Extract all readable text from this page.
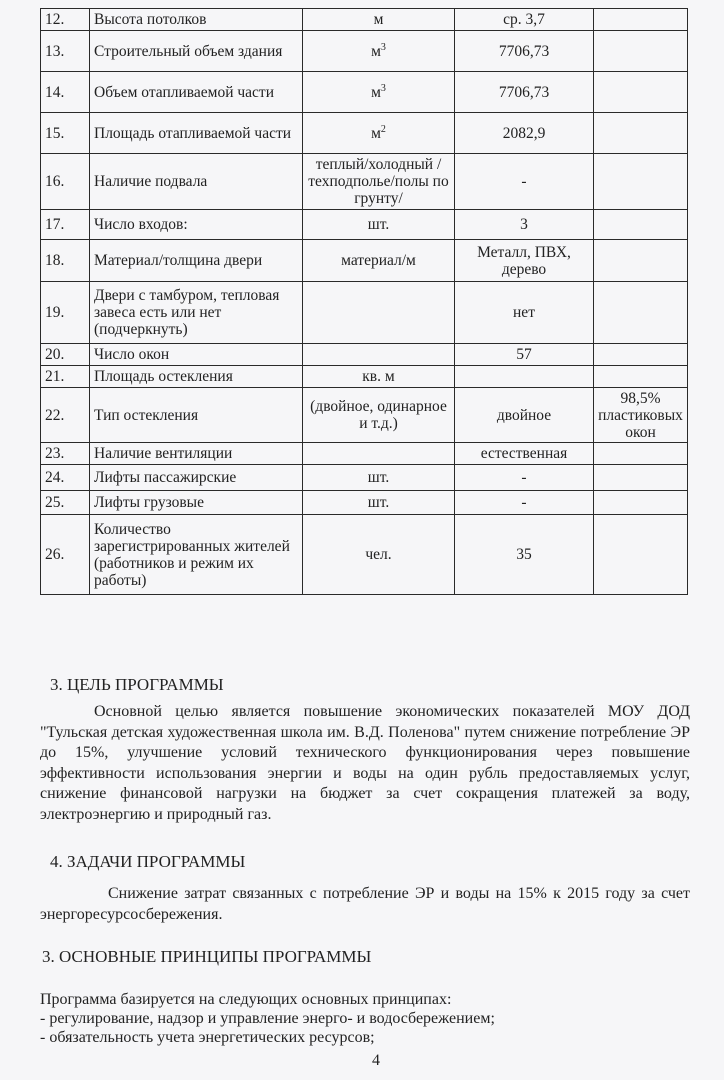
12.	Высота потолков	м	ср. 3,7	
13.	Строительный объем здания	$м^3$	7706,73	
14.	Объем отапливаемой части	$м^3$	7706,73	
15.	Площадь отапливаемой части	$м^2$	2082,9	
16.	Наличие подвала	теплый/холодный /техподполье/полы по грунту/	-	
17.	Число входов:	шт.	3	
18.	Материал/толщина двери	материал/м	Металл, ПВХ, дерево	
19.	Двери с тамбуром, тепловая завеса есть или нет (подчеркнуть)		нет	
20.	Число окон		57	
21.	Площадь остекления	кв. м		
22.	Тип остекления	(двойное, одинарное и т.д.)	двойное	98,5% пластиковых окон
23.	Наличие вентиляции		естественная	
24.	Лифты пассажирские	шт.	-	
25.	Лифты грузовые	шт.	-	
26.	Количество зарегистрированных жителей (работников и режим их работы)	чел.	35	
3. ЦЕЛЬ ПРОГРАММЫ
Основной целью является повышение экономических показателей МОУ ДОД "Тульская детская художественная школа им. В.Д. Поленова" путем снижение потребление ЭР до 15%, улучшение условий технического функционирования через повышение эффективности использования энергии и воды на один рубль предоставляемых услуг, снижение финансовой нагрузки на бюджет за счет сокращения платежей за воду, электроэнергию и природный газ.
4. ЗАДАЧИ ПРОГРАММЫ
Снижение затрат связанных с потребление ЭР и воды на 15% к 2015 году за счет энергоресурсосбережения.
3. ОСНОВНЫЕ ПРИНЦИПЫ ПРОГРАММЫ
Программа базируется на следующих основных принципах:
- регулирование, надзор и управление энерго- и водосбережением;
- обязательность учета энергетических ресурсов;
4
